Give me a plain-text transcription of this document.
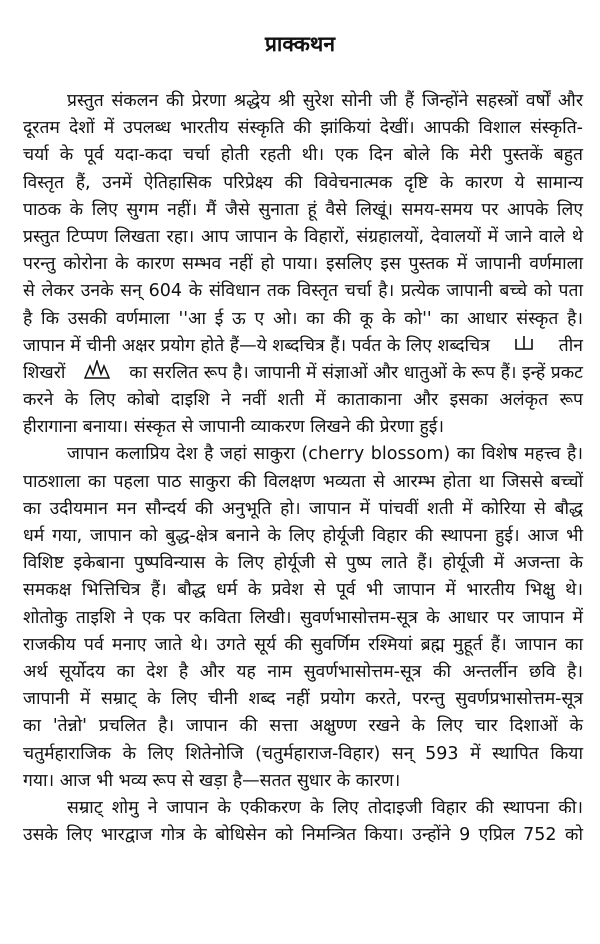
प्राक्कथन
प्रस्तुत संकलन की प्रेरणा श्रद्धेय श्री सुरेश सोनी जी हैं जिन्होंने सहस्त्रों वर्षों और
दूरतम देशों में उपलब्ध भारतीय संस्कृति की झांकियां देखीं। आपकी विशाल संस्कृति-
चर्या के पूर्व यदा-कदा चर्चा होती रहती थी। एक दिन बोले कि मेरी पुस्तकें बहुत
विस्तृत हैं, उनमें ऐतिहासिक परिप्रेक्ष्य की विवेचनात्मक दृष्टि के कारण ये सामान्य
पाठक के लिए सुगम नहीं। मैं जैसे सुनाता हूं वैसे लिखूं। समय-समय पर आपके लिए
प्रस्तुत टिप्पण लिखता रहा। आप जापान के विहारों, संग्रहालयों, देवालयों में जाने वाले थे
परन्तु कोरोना के कारण सम्भव नहीं हो पाया। इसलिए इस पुस्तक में जापानी वर्णमाला
से लेकर उनके सन् 604 के संविधान तक विस्तृत चर्चा है। प्रत्येक जापानी बच्चे को पता
है कि उसकी वर्णमाला ''आ ई ऊ ए ओ। का की कू के को'' का आधार संस्कृत है।
जापान में चीनी अक्षर प्रयोग होते हैं—ये शब्दचित्र हैं। पर्वत के लिए शब्दचित्र	तीन
शिखरों	का सरलित रूप है। जापानी में संज्ञाओं और धातुओं के रूप हैं। इन्हें प्रकट
करने के लिए कोबो दाइशि ने नवीं शती में काताकाना और इसका अलंकृत रूप
हीरागाना बनाया। संस्कृत से जापानी व्याकरण लिखने की प्रेरणा हुई।
जापान कलाप्रिय देश है जहां साकुरा (cherry blossom) का विशेष महत्त्व है।
पाठशाला का पहला पाठ साकुरा की विलक्षण भव्यता से आरम्भ होता था जिससे बच्चों
का उदीयमान मन सौन्दर्य की अनुभूति हो। जापान में पांचवीं शती में कोरिया से बौद्ध
धर्म गया, जापान को बुद्ध-क्षेत्र बनाने के लिए होर्यूजी विहार की स्थापना हुई। आज भी
विशिष्ट इकेबाना पुष्पविन्यास के लिए होर्यूजी से पुष्प लाते हैं। होर्यूजी में अजन्ता के
समकक्ष भित्तिचित्र हैं। बौद्ध धर्म के प्रवेश से पूर्व भी जापान में भारतीय भिक्षु थे।
शोतोकु ताइशि ने एक पर कविता लिखी। सुवर्णभासोत्तम-सूत्र के आधार पर जापान में
राजकीय पर्व मनाए जाते थे। उगते सूर्य की सुवर्णिम रश्मियां ब्रह्म मुहूर्त हैं। जापान का
अर्थ सूर्योदय का देश है और यह नाम सुवर्णभासोत्तम-सूत्र की अन्तर्लीन छवि है।
जापानी में सम्राट् के लिए चीनी शब्द नहीं प्रयोग करते, परन्तु सुवर्णप्रभासोत्तम-सूत्र
का 'तेन्नो' प्रचलित है। जापान की सत्ता अक्षुण्ण रखने के लिए चार दिशाओं के
चतुर्महाराजिक के लिए शितेनोजि (चतुर्महाराज-विहार) सन् 593 में स्थापित किया
गया। आज भी भव्य रूप से खड़ा है—सतत सुधार के कारण।
सम्राट् शोमु ने जापान के एकीकरण के लिए तोदाइजी विहार की स्थापना की।
उसके लिए भारद्वाज गोत्र के बोधिसेन को निमन्त्रित किया। उन्होंने 9 एप्रिल 752 को
